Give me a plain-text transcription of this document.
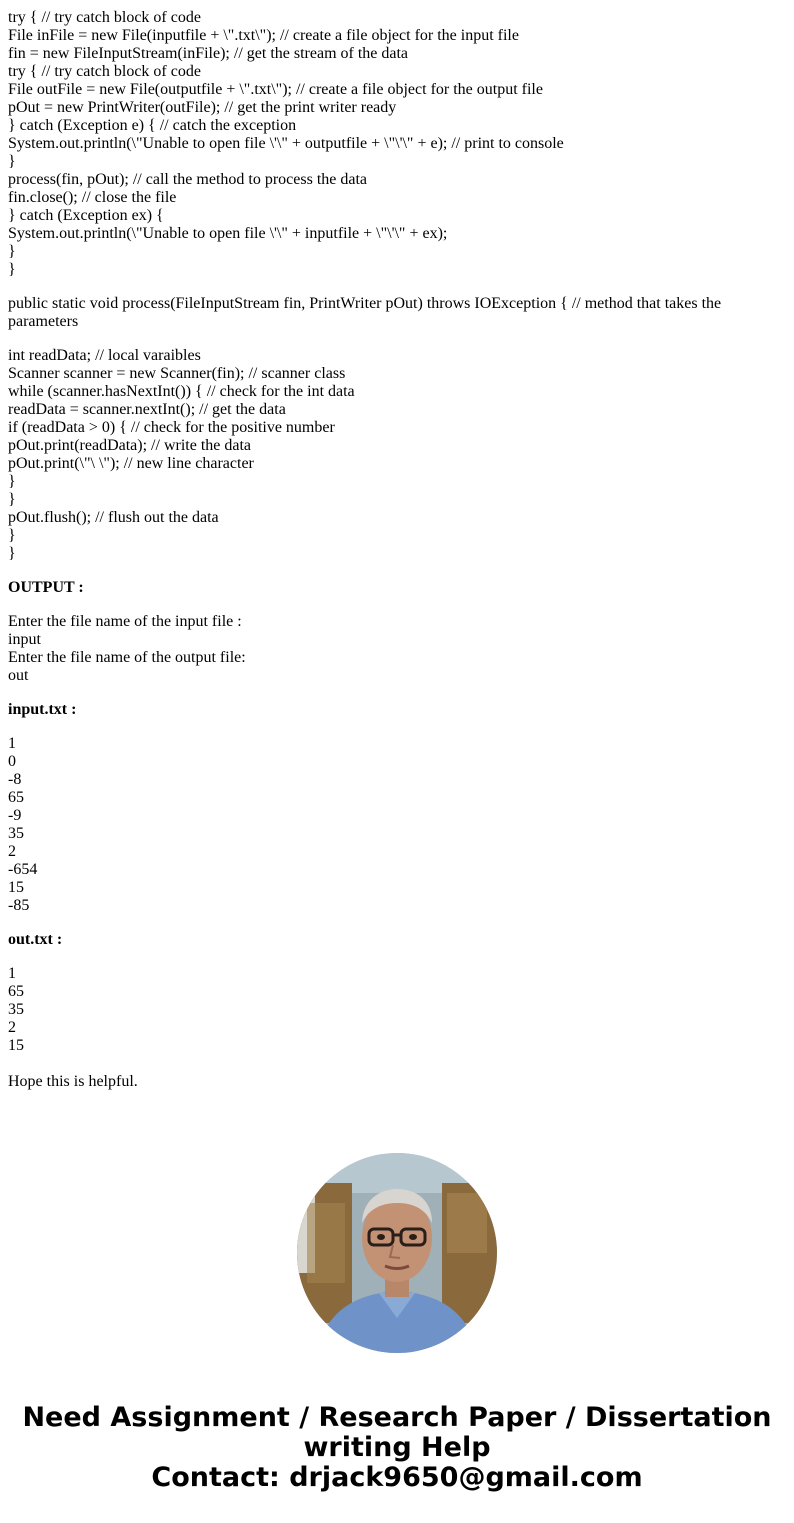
try { // try catch block of code
File inFile = new File(inputfile + \".txt\"); // create a file object for the input file
fin = new FileInputStream(inFile); // get the stream of the data
try { // try catch block of code
File outFile = new File(outputfile + \".txt\"); // create a file object for the output file
pOut = new PrintWriter(outFile); // get the print writer ready
} catch (Exception e) { // catch the exception
System.out.println(\"Unable to open file \'\" + outputfile + \"\'\" + e); // print to console
}
process(fin, pOut); // call the method to process the data
fin.close(); // close the file
} catch (Exception ex) {
System.out.println(\"Unable to open file \'\" + inputfile + \"\'\" + ex);
}
}
public static void process(FileInputStream fin, PrintWriter pOut) throws IOException { // method that takes the parameters
int readData; // local varaibles
Scanner scanner = new Scanner(fin); // scanner class
while (scanner.hasNextInt()) { // check for the int data
readData = scanner.nextInt(); // get the data
if (readData > 0) { // check for the positive number
pOut.print(readData); // write the data
pOut.print(\"\ \"); // new line character
}
}
pOut.flush(); // flush out the data
}
}
OUTPUT :
Enter the file name of the input file :
input
Enter the file name of the output file:
out
input.txt :
1
0
-8
65
-9
35
2
-654
15
-85
out.txt :
1
65
35
2
15
Hope this is helpful.
Need Assignment / Research Paper / Dissertation
writing Help
Contact: drjack9650@gmail.com
